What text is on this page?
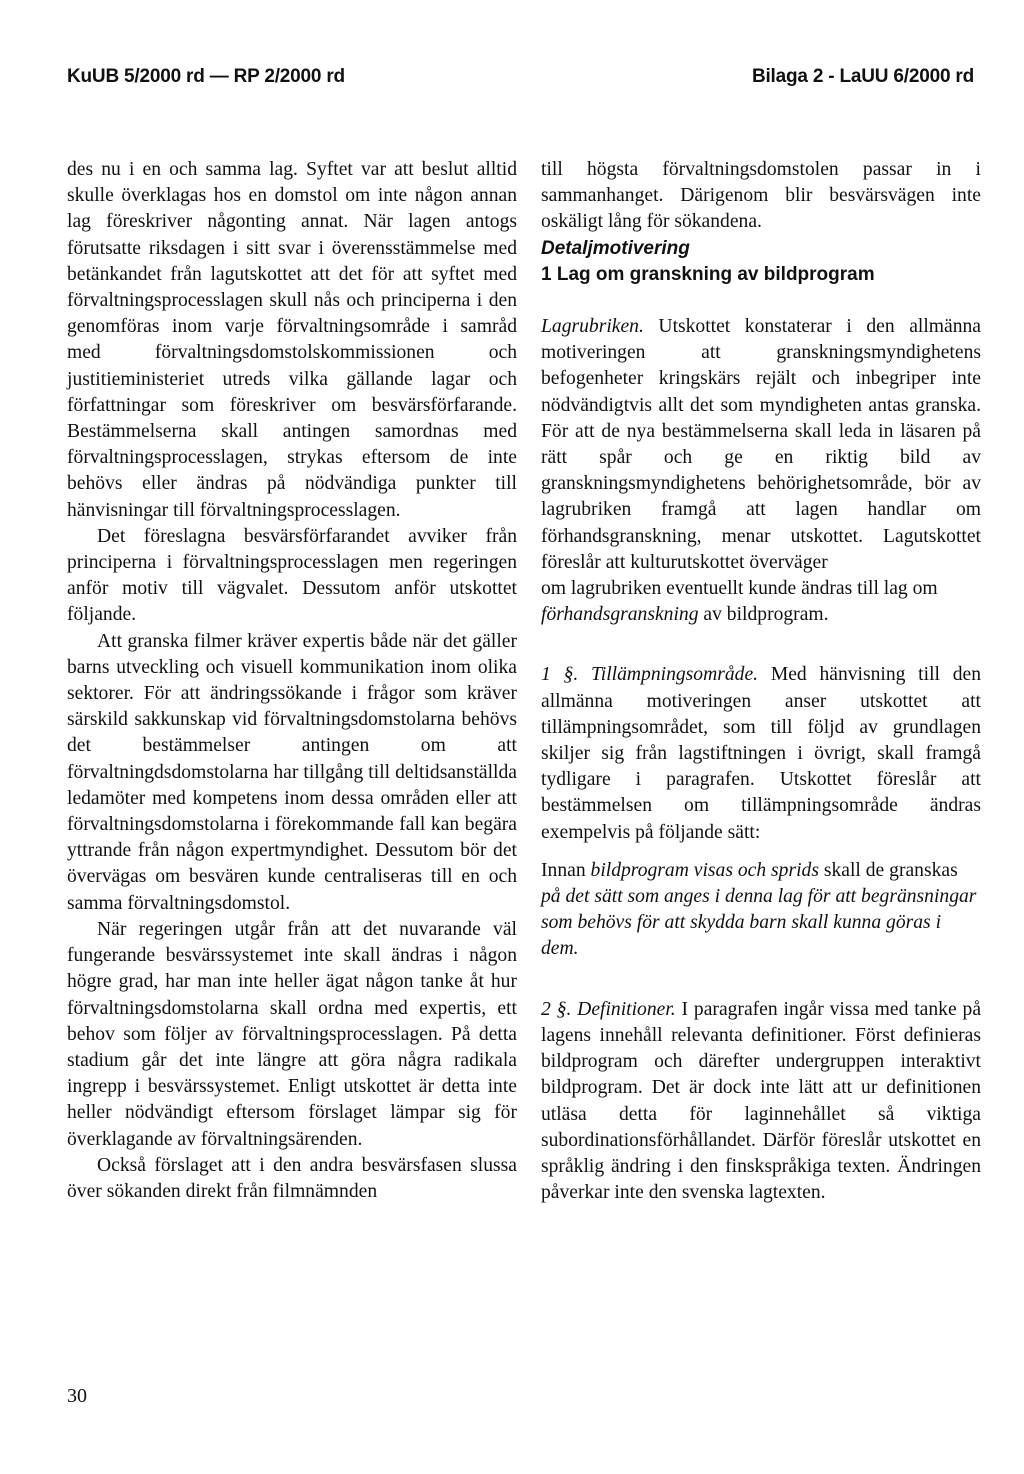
KuUB 5/2000 rd — RP 2/2000 rd	Bilaga 2 - LaUU 6/2000 rd

des nu i en och samma lag. Syftet var att beslut alltid skulle överklagas hos en domstol om inte någon annan lag föreskriver någonting annat. När lagen antogs förutsatte riksdagen i sitt svar i överensstämmelse med betänkandet från lagutskottet att det för att syftet med förvaltningsprocesslagen skull nås och principerna i den genomföras inom varje förvaltningsområde i samråd med förvaltningsdomstolskommissionen och justitieministeriet utreds vilka gällande lagar och författningar som föreskriver om besvärsförfarande. Bestämmelserna skall antingen samordnas med förvaltningsprocesslagen, strykas eftersom de inte behövs eller ändras på nödvändiga punkter till hänvisningar till förvaltningsprocesslagen.

Det föreslagna besvärsförfarandet avviker från principerna i förvaltningsprocesslagen men regeringen anför motiv till vägvalet. Dessutom anför utskottet följande.

Att granska filmer kräver expertis både när det gäller barns utveckling och visuell kommunikation inom olika sektorer. För att ändringssökande i frågor som kräver särskild sakkunskap vid förvaltningsdomstolarna behövs det bestämmelser antingen om att förvaltningdsdomstolarna har tillgång till deltidsanställda ledamöter med kompetens inom dessa områden eller att förvaltningsdomstolarna i förekommande fall kan begära yttrande från någon expertmyndighet. Dessutom bör det övervägas om besvären kunde centraliseras till en och samma förvaltningsdomstol.

När regeringen utgår från att det nuvarande väl fungerande besvärssystemet inte skall ändras i någon högre grad, har man inte heller ägat någon tanke åt hur förvaltningsdomstolarna skall ordna med expertis, ett behov som följer av förvaltningsprocesslagen. På detta stadium går det inte längre att göra några radikala ingrepp i besvärssystemet. Enligt utskottet är detta inte heller nödvändigt eftersom förslaget lämpar sig för överklagande av förvaltningsärenden.

Också förslaget att i den andra besvärsfasen slussa över sökanden direkt från filmnämnden

till högsta förvaltningsdomstolen passar in i sammanhanget. Därigenom blir besvärsvägen inte oskäligt lång för sökandena.

Detaljmotivering

1 Lag om granskning av bildprogram

Lagrubriken. Utskottet konstaterar i den allmänna motiveringen att granskningsmyndighetens befogenheter kringskärs rejält och inbegriper inte nödvändigtvis allt det som myndigheten antas granska. För att de nya bestämmelserna skall leda in läsaren på rätt spår och ge en riktig bild av granskningsmyndighetens behörighetsområde, bör av lagrubriken framgå att lagen handlar om förhandsgranskning, menar utskottet. Lagutskottet föreslår att kulturutskottet överväger

om lagrubriken eventuellt kunde ändras till lag om förhandsgranskning av bildprogram.

1 §. Tillämpningsområde. Med hänvisning till den allmänna motiveringen anser utskottet att tillämpningsområdet, som till följd av grundlagen skiljer sig från lagstiftningen i övrigt, skall framgå tydligare i paragrafen. Utskottet föreslår att bestämmelsen om tillämpningsområde ändras exempelvis på följande sätt:

Innan bildprogram visas och sprids skall de granskas på det sätt som anges i denna lag för att begränsningar som behövs för att skydda barn skall kunna göras i dem.

2 §. Definitioner. I paragrafen ingår vissa med tanke på lagens innehåll relevanta definitioner. Först definieras bildprogram och därefter undergruppen interaktivt bildprogram. Det är dock inte lätt att ur definitionen utläsa detta för laginnehållet så viktiga subordinationsförhållandet. Därför föreslår utskottet en språklig ändring i den finskspråkiga texten. Ändringen påverkar inte den svenska lagtexten.

30
